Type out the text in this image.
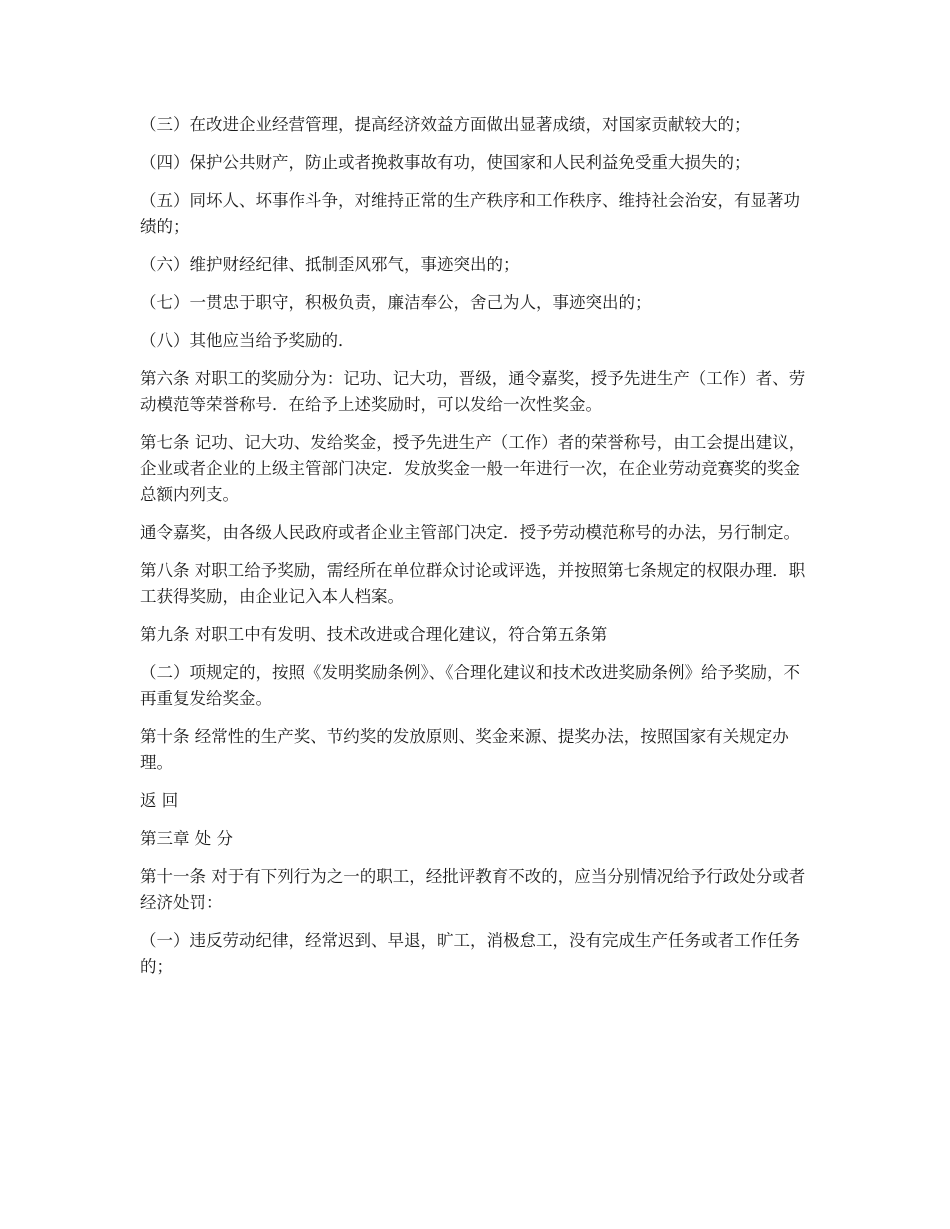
（三）在改进企业经营管理，提高经济效益方面做出显著成绩，对国家贡献较大的；

（四）保护公共财产，防止或者挽救事故有功，使国家和人民利益免受重大损失的；

（五）同坏人、坏事作斗争，对维持正常的生产秩序和工作秩序、维持社会治安，有显著功绩的；

（六）维护财经纪律、抵制歪风邪气，事迹突出的；

（七）一贯忠于职守，积极负责，廉洁奉公，舍己为人，事迹突出的；

（八）其他应当给予奖励的．

第六条 对职工的奖励分为：记功、记大功，晋级，通令嘉奖，授予先进生产（工作）者、劳动模范等荣誉称号．在给予上述奖励时，可以发给一次性奖金。

第七条 记功、记大功、发给奖金，授予先进生产（工作）者的荣誉称号，由工会提出建议，企业或者企业的上级主管部门决定．发放奖金一般一年进行一次，在企业劳动竞赛奖的奖金总额内列支。

通令嘉奖，由各级人民政府或者企业主管部门决定．授予劳动模范称号的办法，另行制定。

第八条 对职工给予奖励，需经所在单位群众讨论或评选，并按照第七条规定的权限办理．职工获得奖励，由企业记入本人档案。

第九条 对职工中有发明、技术改进或合理化建议，符合第五条第

（二）项规定的，按照《发明奖励条例》、《合理化建议和技术改进奖励条例》给予奖励，不再重复发给奖金。

第十条 经常性的生产奖、节约奖的发放原则、奖金来源、提奖办法，按照国家有关规定办理。

返 回

第三章 处 分

第十一条 对于有下列行为之一的职工，经批评教育不改的，应当分别情况给予行政处分或者经济处罚：

（一）违反劳动纪律，经常迟到、早退，旷工，消极怠工，没有完成生产任务或者工作任务的；
